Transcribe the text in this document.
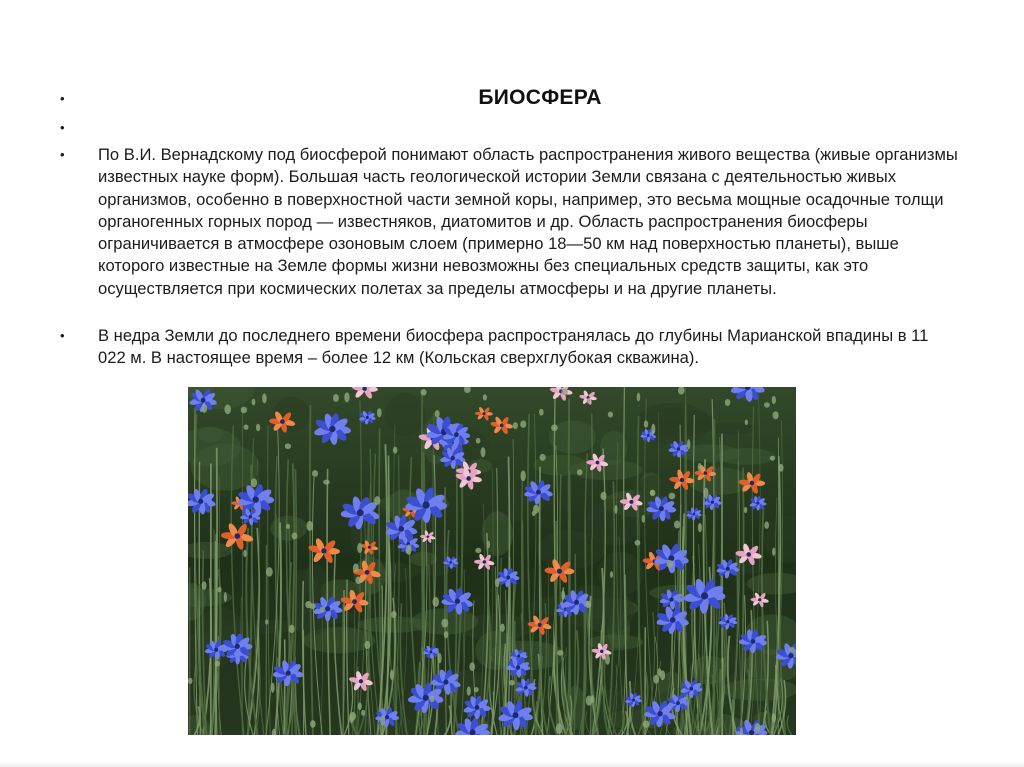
•	БИОСФЕРА
•
•	По В.И. Вернадскому под биосферой понимают область распространения живого вещества (живые организмы известных науке форм). Большая часть геологической истории Земли связана с деятельностью живых организмов, особенно в поверхностной части земной коры, например, это весьма мощные осадочные толщи органогенных горных пород — известняков, диатомитов и др. Область распространения биосферы ограничивается в атмосфере озоновым слоем (примерно 18—50 км над поверхностью планеты), выше которого известные на Земле формы жизни невозможны без специальных средств защиты, как это осуществляется при космических полетах за пределы атмосферы и на другие планеты.
•	В недра Земли до последнего времени биосфера распространялась до глубины Марианской впадины в 11 022 м. В настоящее время – более 12 км (Кольская сверхглубокая скважина).
